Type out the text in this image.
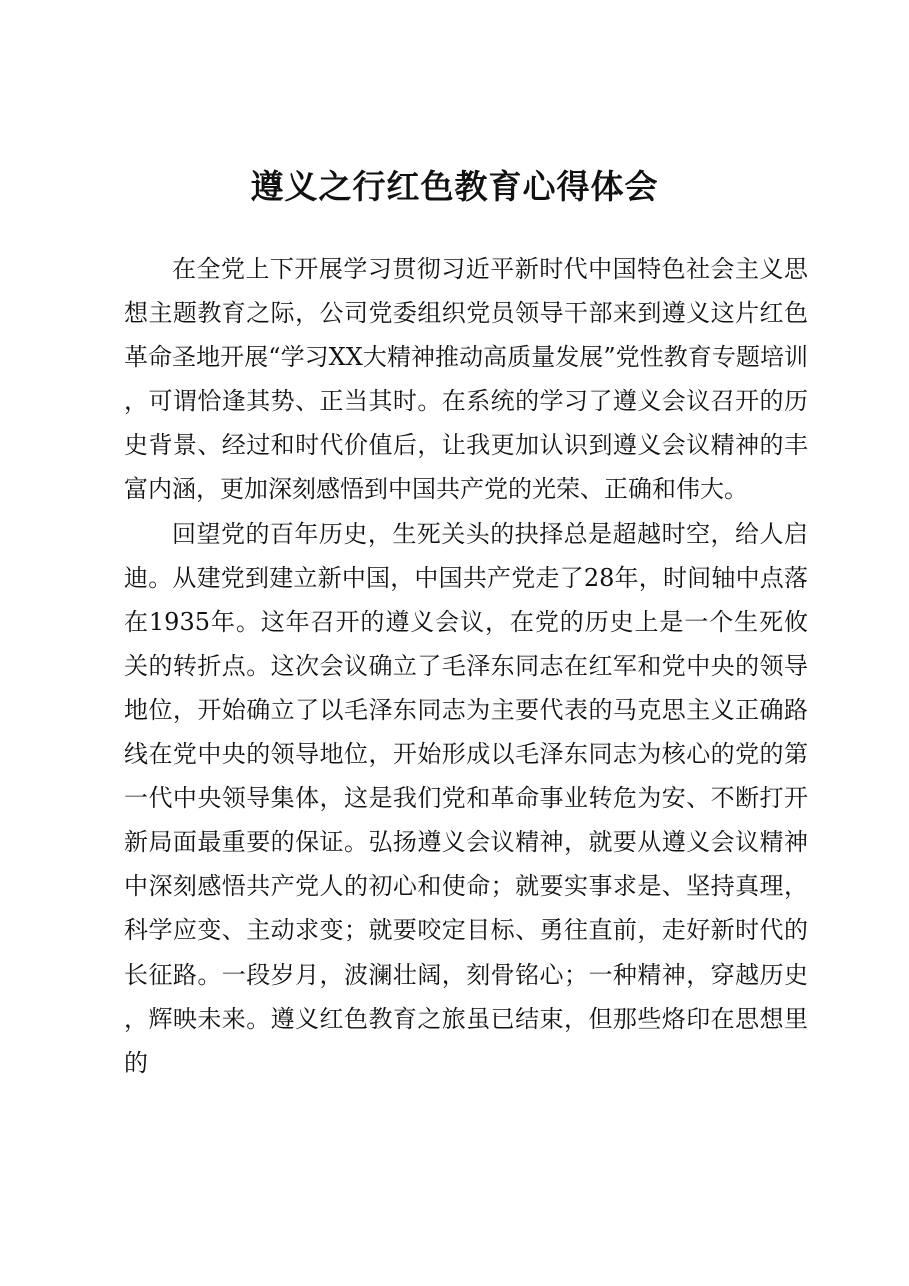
遵义之行红色教育心得体会

在全党上下开展学习贯彻习近平新时代中国特色社会主义思想主题教育之际，公司党委组织党员领导干部来到遵义这片红色革命圣地开展“学习XX大精神推动高质量发展”党性教育专题培训，可谓恰逢其势、正当其时。在系统的学习了遵义会议召开的历史背景、经过和时代价值后，让我更加认识到遵义会议精神的丰富内涵，更加深刻感悟到中国共产党的光荣、正确和伟大。

回望党的百年历史，生死关头的抉择总是超越时空，给人启迪。从建党到建立新中国，中国共产党走了28年，时间轴中点落在1935年。这年召开的遵义会议，在党的历史上是一个生死攸关的转折点。这次会议确立了毛泽东同志在红军和党中央的领导地位，开始确立了以毛泽东同志为主要代表的马克思主义正确路线在党中央的领导地位，开始形成以毛泽东同志为核心的党的第一代中央领导集体，这是我们党和革命事业转危为安、不断打开新局面最重要的保证。弘扬遵义会议精神，就要从遵义会议精神中深刻感悟共产党人的初心和使命；就要实事求是、坚持真理，科学应变、主动求变；就要咬定目标、勇往直前，走好新时代的长征路。一段岁月，波澜壮阔，刻骨铭心；一种精神，穿越历史，辉映未来。遵义红色教育之旅虽已结束，但那些烙印在思想里的
